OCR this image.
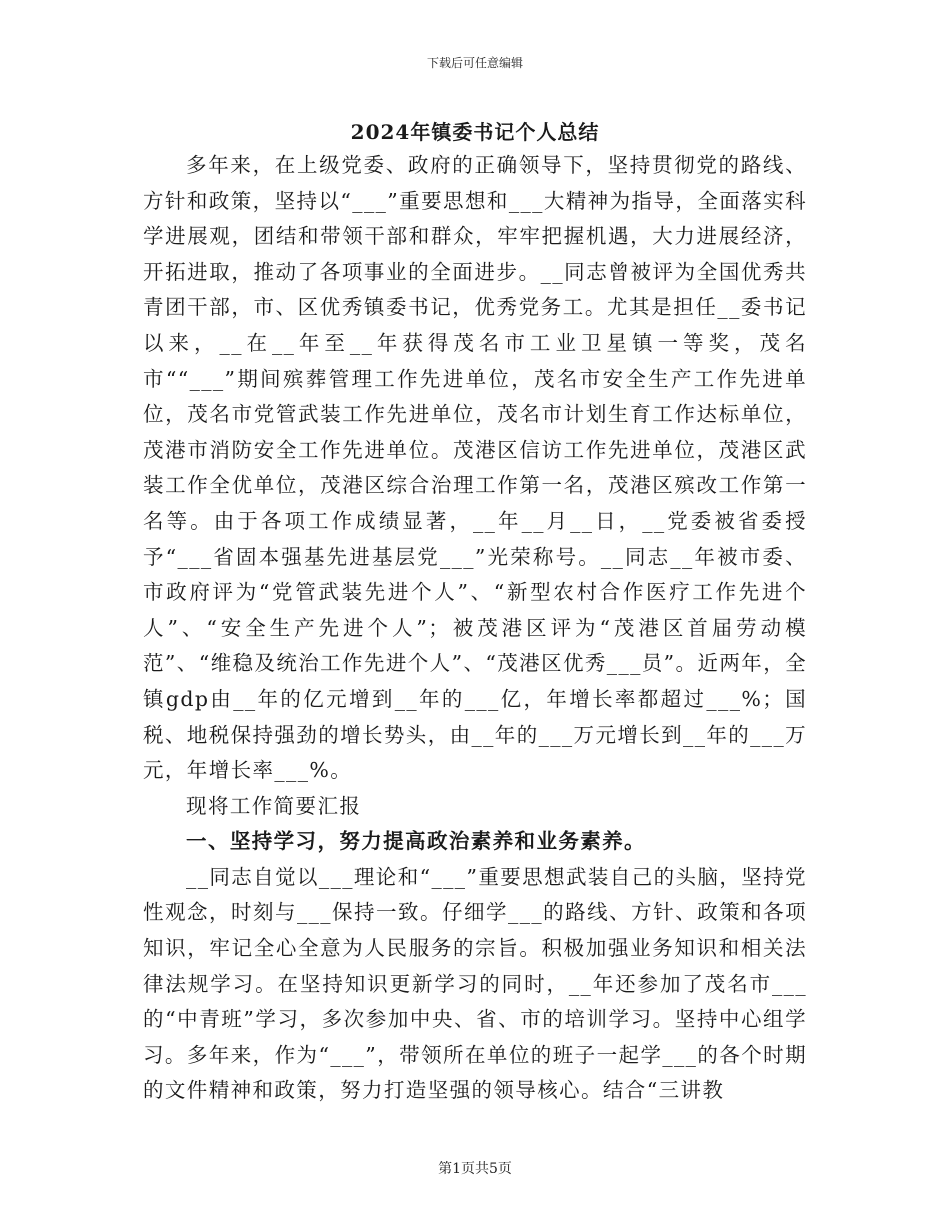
下载后可任意编辑
2024年镇委书记个人总结

多年来，在上级党委、政府的正确领导下，坚持贯彻党的路线、方针和政策，坚持以“___”重要思想和___大精神为指导，全面落实科学进展观，团结和带领干部和群众，牢牢把握机遇，大力进展经济，开拓进取，推动了各项事业的全面进步。__同志曾被评为全国优秀共青团干部，市、区优秀镇委书记，优秀党务工。尤其是担任__委书记以来，__在__年至__年获得茂名市工业卫星镇一等奖，茂名市““___”期间殡葬管理工作先进单位，茂名市安全生产工作先进单位，茂名市党管武装工作先进单位，茂名市计划生育工作达标单位，茂港市消防安全工作先进单位。茂港区信访工作先进单位，茂港区武装工作全优单位，茂港区综合治理工作第一名，茂港区殡改工作第一名等。由于各项工作成绩显著，__年__月__日，__党委被省委授予“___省固本强基先进基层党___”光荣称号。__同志__年被市委、市政府评为“党管武装先进个人”、“新型农村合作医疗工作先进个人”、“安全生产先进个人”；被茂港区评为“茂港区首届劳动模范”、“维稳及统治工作先进个人”、“茂港区优秀___员”。近两年，全镇gdp由__年的亿元增到__年的___亿，年增长率都超过___%；国税、地税保持强劲的增长势头，由__年的___万元增长到__年的___万元，年增长率___%。

现将工作简要汇报

一、坚持学习，努力提高政治素养和业务素养。

__同志自觉以___理论和“___”重要思想武装自己的头脑，坚持党性观念，时刻与___保持一致。仔细学___的路线、方针、政策和各项知识，牢记全心全意为人民服务的宗旨。积极加强业务知识和相关法律法规学习。在坚持知识更新学习的同时，__年还参加了茂名市___的“中青班”学习，多次参加中央、省、市的培训学习。坚持中心组学习。多年来，作为“___”，带领所在单位的班子一起学___的各个时期的文件精神和政策，努力打造坚强的领导核心。结合“三讲教

第1页共5页
